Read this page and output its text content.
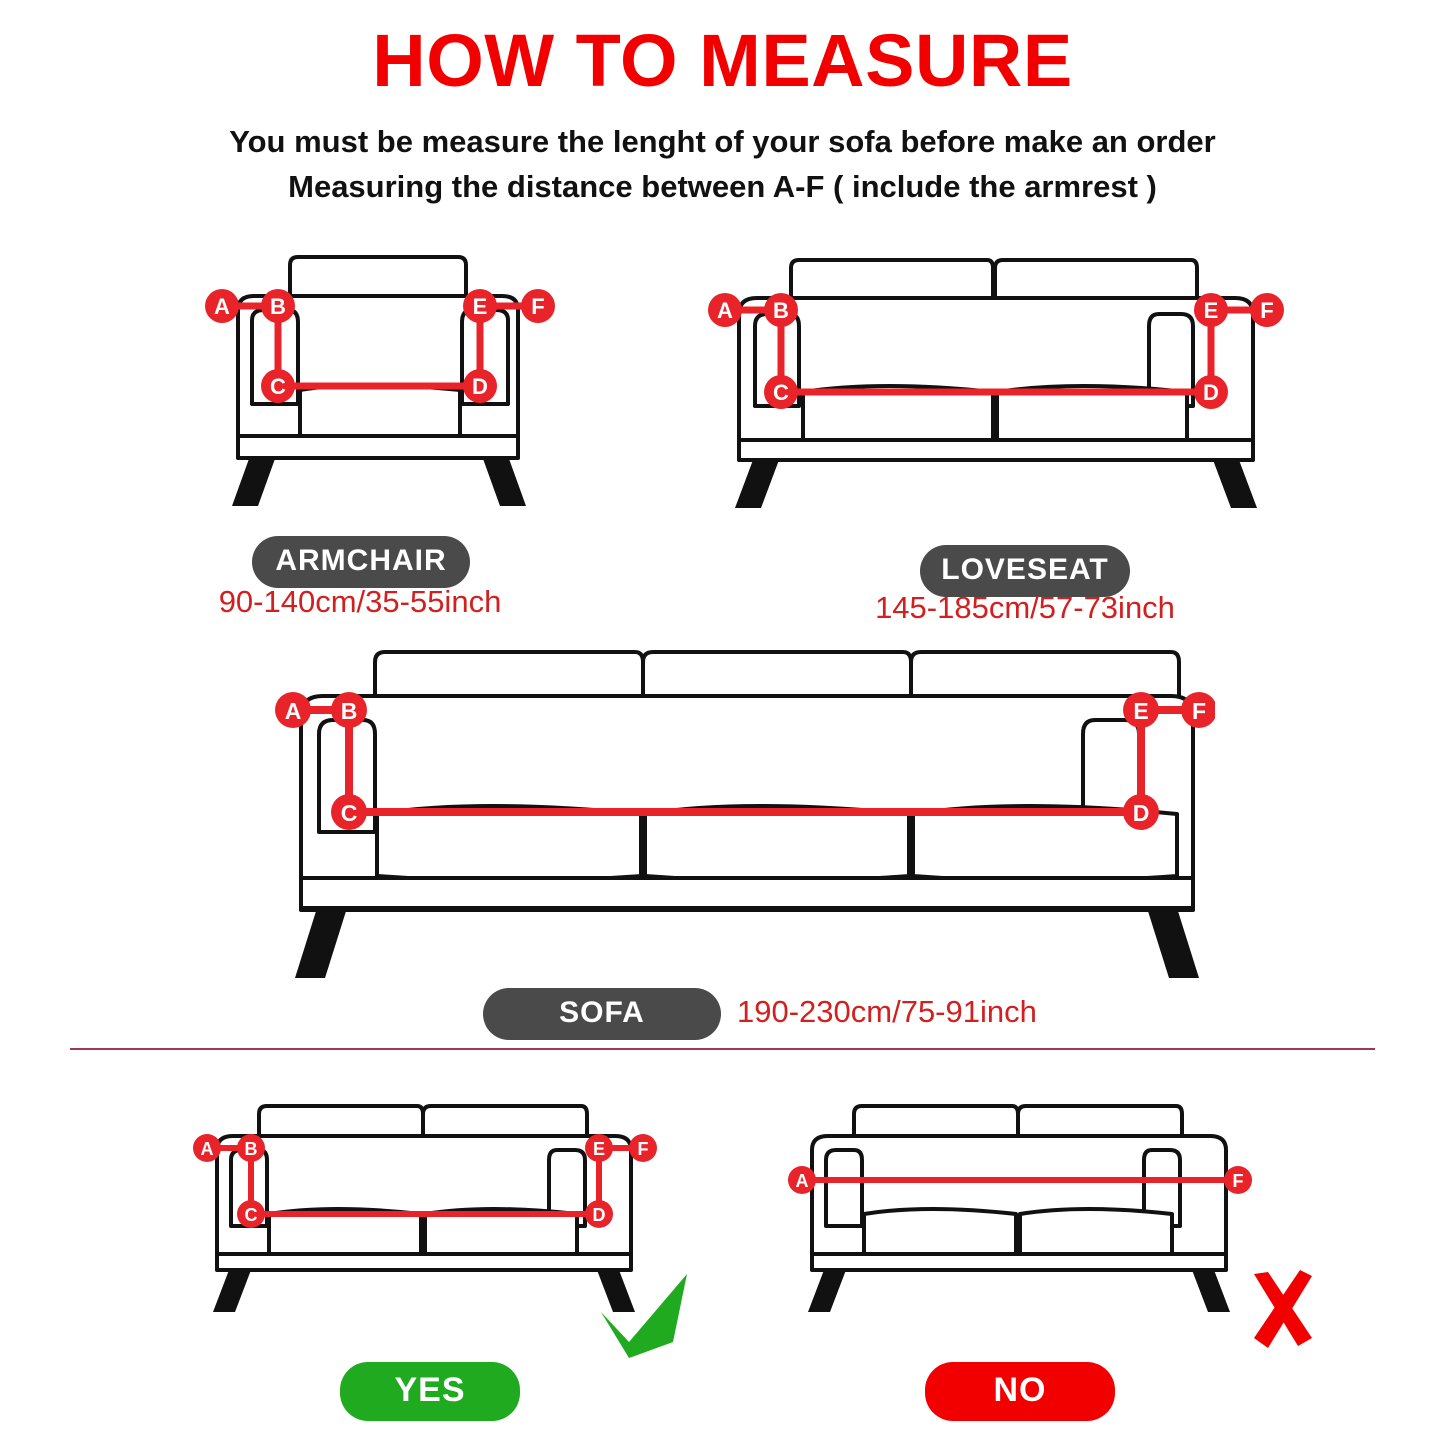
HOW TO MEASURE
You must be measure the lenght of your sofa before make an order
Measuring the distance between A-F ( include the armrest )
A B
C	D
E F
ARMCHAIR
90-140cm/35-55inch
A B
C	D
E F
LOVESEAT
145-185cm/57-73inch
A B
C	D
E F
SOFA	190-230cm/75-91inch
A B
C	D
E F
YES
A	F
NO
